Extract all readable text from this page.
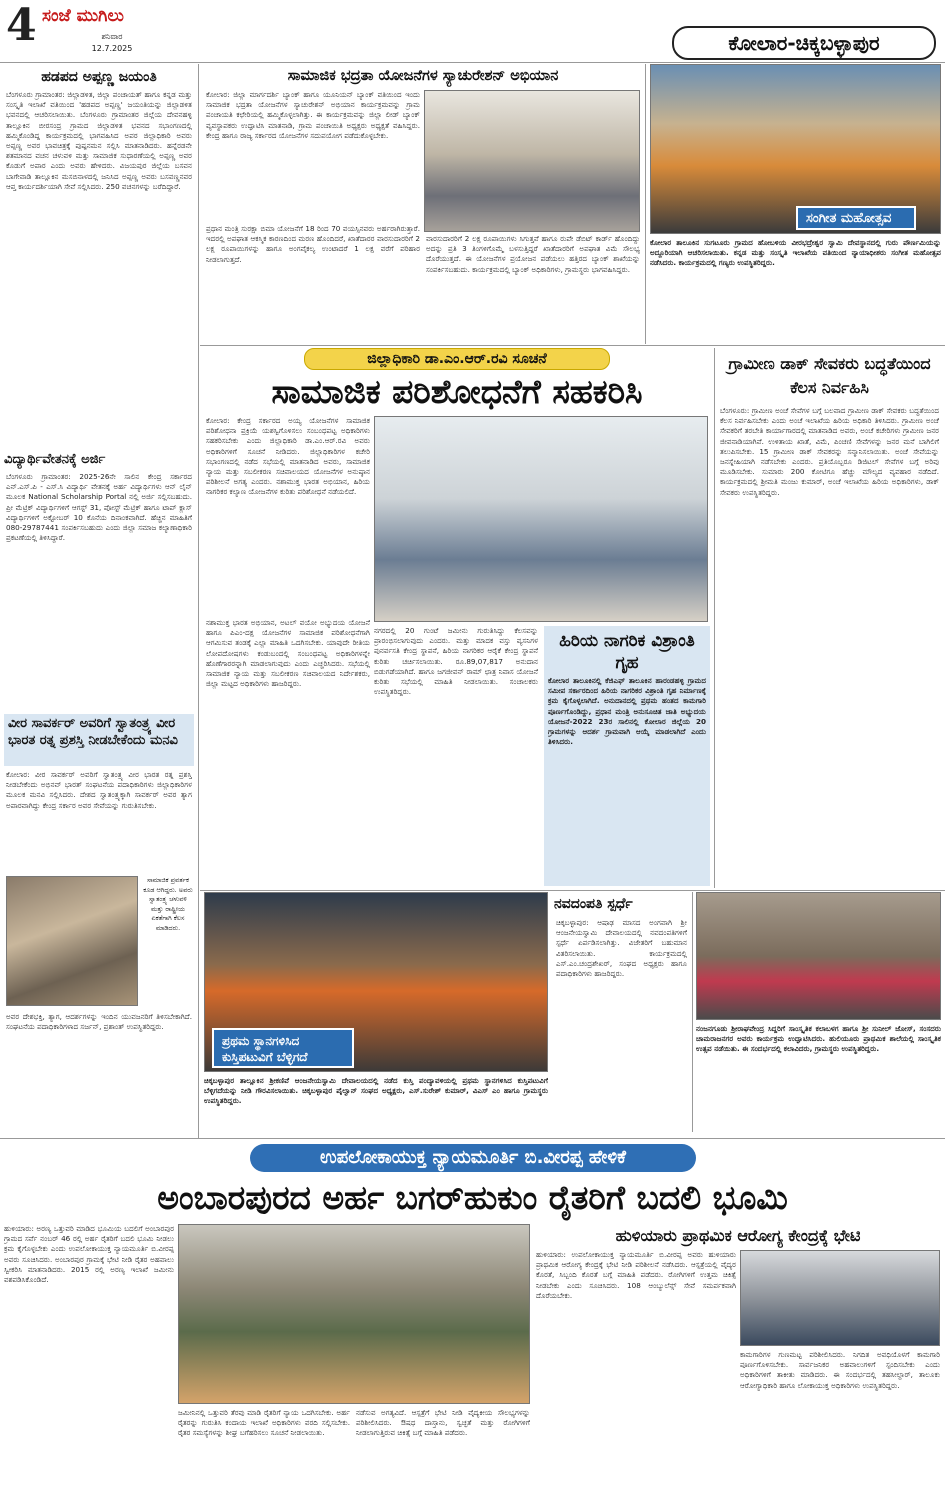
4 ಸಂಜೆ ಮುಗಿಲು
ಶನಿವಾರ
12.7.2025	ಕೋಲಾರ-ಚಿಕ್ಕಬಳ್ಳಾಪುರ
ಹಡಪದ ಅಪ್ಪಣ್ಣ ಜಯಂತಿ
ಬೆಂಗಳೂರು ಗ್ರಾಮಾಂತರ: ಜಿಲ್ಲಾಡಳಿತ, ಜಿಲ್ಲಾ ಪಂಚಾಯತ್ ಹಾಗೂ ಕನ್ನಡ ಮತ್ತು ಸಂಸ್ಕೃತಿ ಇಲಾಖೆ ವತಿಯಿಂದ 'ಹಡಪದ ಅಪ್ಪಣ್ಣ' ಜಯಂತಿಯನ್ನು ಜಿಲ್ಲಾಡಳಿತ ಭವನದಲ್ಲಿ ಆಚರಿಸಲಾಯಿತು. ಬೆಂಗಳೂರು ಗ್ರಾಮಾಂತರ ಜಿಲ್ಲೆಯ ದೇವನಹಳ್ಳಿ ತಾಲ್ಲೂಕಿನ ಬೀರಸಂದ್ರ ಗ್ರಾಮದ ಜಿಲ್ಲಾಡಳಿತ ಭವನದ ಸಭಾಂಗಣದಲ್ಲಿ ಹಮ್ಮಿಕೊಂಡಿದ್ದ ಕಾರ್ಯಕ್ರಮದಲ್ಲಿ ಭಾಗವಹಿಸಿದ ಅಪರ ಜಿಲ್ಲಾಧಿಕಾರಿ ಅವರು ಅಪ್ಪಣ್ಣ ಅವರ ಭಾವಚಿತ್ರಕ್ಕೆ ಪುಷ್ಪನಮನ ಸಲ್ಲಿಸಿ ಮಾತನಾಡಿದರು. ಹನ್ನೆರಡನೇ ಶತಮಾನದ ವಚನ ಚಳುವಳಿ ಮತ್ತು ಸಾಮಾಜಿಕ ಸುಧಾರಣೆಯಲ್ಲಿ ಅಪ್ಪಣ್ಣ ಅವರ ಕೊಡುಗೆ ಅಪಾರ ಎಂದು ಅವರು ಹೇಳಿದರು. ವಿಜಯಪುರ ಜಿಲ್ಲೆಯ ಬಸವನ ಬಾಗೇವಾಡಿ ತಾಲ್ಲೂಕಿನ ಮಸಬಿನಾಳದಲ್ಲಿ ಜನಿಸಿದ ಅಪ್ಪಣ್ಣ ಅವರು ಬಸವಣ್ಣನವರ ಆಪ್ತ ಕಾರ್ಯದರ್ಶಿಯಾಗಿ ಸೇವೆ ಸಲ್ಲಿಸಿದರು. 250 ವಚನಗಳನ್ನು ಬರೆದಿದ್ದಾರೆ.
ವಿದ್ಯಾರ್ಥಿವೇತನಕ್ಕೆ ಅರ್ಜಿ
ಬೆಂಗಳೂರು ಗ್ರಾಮಾಂತರ: 2025-26ನೇ ಸಾಲಿನ ಕೇಂದ್ರ ಸರ್ಕಾರದ ಎನ್.ಎಸ್.ಪಿ - ಎಸ್.ಸಿ ವಿದ್ಯಾರ್ಥಿ ವೇತನಕ್ಕೆ ಅರ್ಹ ವಿದ್ಯಾರ್ಥಿಗಳು ಆನ್ ಲೈನ್ ಮೂಲಕ National Scholarship Portal ನಲ್ಲಿ ಅರ್ಜಿ ಸಲ್ಲಿಸಬಹುದು. ಪ್ರೀ ಮೆಟ್ರಿಕ್ ವಿದ್ಯಾರ್ಥಿಗಳಿಗೆ ಆಗಸ್ಟ್ 31, ಪೋಸ್ಟ್ ಮೆಟ್ರಿಕ್ ಹಾಗೂ ಟಾಪ್ ಕ್ಲಾಸ್ ವಿದ್ಯಾರ್ಥಿಗಳಿಗೆ ಅಕ್ಟೋಬರ್ 10 ಕೊನೆಯ ದಿನಾಂಕವಾಗಿದೆ. ಹೆಚ್ಚಿನ ಮಾಹಿತಿಗೆ 080-29787441 ಸಂಪರ್ಕಿಸಬಹುದು ಎಂದು ಜಿಲ್ಲಾ ಸಮಾಜ ಕಲ್ಯಾಣಾಧಿಕಾರಿ ಪ್ರಕಟಣೆಯಲ್ಲಿ ತಿಳಿಸಿದ್ದಾರೆ.
ವೀರ ಸಾವರ್ಕರ್ ಅವರಿಗೆ ಸ್ವಾತಂತ್ರ್ಯ ವೀರ ಭಾರತ ರತ್ನ ಪ್ರಶಸ್ತಿ ನೀಡಬೇಕೆಂದು ಮನವಿ
ಕೋಲಾರ: ವೀರ ಸಾವರ್ಕರ್ ಅವರಿಗೆ ಸ್ವಾತಂತ್ರ್ಯ ವೀರ ಭಾರತ ರತ್ನ ಪ್ರಶಸ್ತಿ ನೀಡಬೇಕೆಂದು ಅಭಿನವ್ ಭಾರತ್ ಸಂಘಟನೆಯ ಪದಾಧಿಕಾರಿಗಳು ಜಿಲ್ಲಾಧಿಕಾರಿಗಳ ಮೂಲಕ ಮನವಿ ಸಲ್ಲಿಸಿದರು. ದೇಶದ ಸ್ವಾತಂತ್ರ್ಯಕ್ಕಾಗಿ ಸಾವರ್ಕರ್ ಅವರ ತ್ಯಾಗ ಅಪಾರವಾಗಿದ್ದು ಕೇಂದ್ರ ಸರ್ಕಾರ ಅವರ ಸೇವೆಯನ್ನು ಗುರುತಿಸಬೇಕು.
ಸಾಮಾಜಿಕ ಪ್ರವರ್ತಕ ಕೂಡ ಆಗಿದ್ದರು. ಅವರು ಸ್ವಾತಂತ್ರ್ಯ ಚಳುವಳಿ ಮತ್ತು ರಾಷ್ಟ್ರೀಯ ಏಕತೆಗಾಗಿ ಕೆಲಸ ಮಾಡಿದರು.
ಅವರ ದೇಶಭಕ್ತಿ, ತ್ಯಾಗ, ಆದರ್ಶಗಳನ್ನು ಇಂದಿನ ಯುವಜನರಿಗೆ ತಿಳಿಸಬೇಕಾಗಿದೆ. ಸಂಘಟನೆಯ ಪದಾಧಿಕಾರಿಗಳಾದ ಸರ್ಜನ್, ಪ್ರಶಾಂತ್ ಉಪಸ್ಥಿತರಿದ್ದರು.
ಸಾಮಾಜಿಕ ಭದ್ರತಾ ಯೋಜನೆಗಳ ಸ್ಯಾಚುರೇಶನ್ ಅಭಿಯಾನ
ಕೋಲಾರ: ಜಿಲ್ಲಾ ಮಾರ್ಗದರ್ಶಿ ಬ್ಯಾಂಕ್ ಹಾಗೂ ಯೂನಿಯನ್ ಬ್ಯಾಂಕ್ ವತಿಯಿಂದ ಇಂದು ಸಾಮಾಜಿಕ ಭದ್ರತಾ ಯೋಜನೆಗಳ ಸ್ಯಾಚುರೇಶನ್ ಅಭಿಯಾನ ಕಾರ್ಯಕ್ರಮವನ್ನು ಗ್ರಾಮ ಪಂಚಾಯತಿ ಕಛೇರಿಯಲ್ಲಿ ಹಮ್ಮಿಕೊಳ್ಳಲಾಗಿತ್ತು. ಈ ಕಾರ್ಯಕ್ರಮವನ್ನು ಜಿಲ್ಲಾ ಲೀಡ್ ಬ್ಯಾಂಕ್ ವ್ಯವಸ್ಥಾಪಕರು ಉದ್ಘಾಟಿಸಿ ಮಾತನಾಡಿ, ಗ್ರಾಮ ಪಂಚಾಯಿತಿ ಅಧ್ಯಕ್ಷರು ಅಧ್ಯಕ್ಷತೆ ವಹಿಸಿದ್ದರು. ಕೇಂದ್ರ ಹಾಗೂ ರಾಜ್ಯ ಸರ್ಕಾರದ ಯೋಜನೆಗಳ ಸದುಪಯೋಗ ಪಡೆದುಕೊಳ್ಳಬೇಕು.
ಪ್ರಧಾನ ಮಂತ್ರಿ ಸುರಕ್ಷಾ ಬಿಮಾ ಯೋಜನೆಗೆ 18 ರಿಂದ 70 ವಯಸ್ಸಿನವರು ಅರ್ಹರಾಗಿರುತ್ತಾರೆ. ಇದರಲ್ಲಿ ಅಪಘಾತ ಆಕಸ್ಮಿಕ ಕಾರಣದಿಂದ ಮರಣ ಹೊಂದಿದರೆ, ಖಾತೆದಾರರ ವಾರಸುದಾರರಿಗೆ 2 ಲಕ್ಷ ರೂಪಾಯಿಗಳನ್ನು ಹಾಗೂ ಅಂಗವೈಕಲ್ಯ ಉಂಟಾದರೆ 1 ಲಕ್ಷ ವರೆಗೆ ಪರಿಹಾರ ನೀಡಲಾಗುತ್ತದೆ.
ವಾರಸುದಾರರಿಗೆ 2 ಲಕ್ಷ ರೂಪಾಯಿಗಳು ಸಿಗುತ್ತವೆ ಹಾಗೂ ರುಪೇ ಡೆಬಿಟ್ ಕಾರ್ಡ್ ಹೊಂದಿದ್ದು ಅದನ್ನು ಪ್ರತಿ 3 ತಿಂಗಳಿಗೊಮ್ಮೆ ಬಳಸುತ್ತಿದ್ದರೆ ಖಾತೆದಾರರಿಗೆ ಅಪಘಾತ ವಿಮೆ ಸೌಲಭ್ಯ ದೊರೆಯುತ್ತದೆ. ಈ ಯೋಜನೆಗಳ ಪ್ರಯೋಜನ ಪಡೆಯಲು ಹತ್ತಿರದ ಬ್ಯಾಂಕ್ ಶಾಖೆಯನ್ನು ಸಂಪರ್ಕಿಸಬಹುದು. ಕಾರ್ಯಕ್ರಮದಲ್ಲಿ ಬ್ಯಾಂಕ್ ಅಧಿಕಾರಿಗಳು, ಗ್ರಾಮಸ್ಥರು ಭಾಗವಹಿಸಿದ್ದರು.
ಸಂಗೀತ ಮಹೋತ್ಸವ
ಕೋಲಾರ ತಾಲೂಕಿನ ಸುಗಟೂರು ಗ್ರಾಮದ ಹೋಬಳಿಯ ವೀರಭದ್ರೇಶ್ವರ ಸ್ವಾಮಿ ದೇವಸ್ಥಾನದಲ್ಲಿ ಗುರು ಪೌರ್ಣಮಿಯನ್ನು ಅದ್ದೂರಿಯಾಗಿ ಆಚರಿಸಲಾಯಿತು. ಕನ್ನಡ ಮತ್ತು ಸಂಸ್ಕೃತಿ ಇಲಾಖೆಯ ವತಿಯಿಂದ ನ್ಯಾಯಾಧೀಶರು ಸಂಗೀತ ಮಹೋತ್ಸವ ನಡೆಸಿದರು. ಕಾರ್ಯಕ್ರಮದಲ್ಲಿ ಗಣ್ಯರು ಉಪಸ್ಥಿತರಿದ್ದರು.
ಜಿಲ್ಲಾಧಿಕಾರಿ ಡಾ.ಎಂ.ಆರ್.ರವಿ ಸೂಚನೆ
ಸಾಮಾಜಿಕ ಪರಿಶೋಧನೆಗೆ ಸಹಕರಿಸಿ
ಕೋಲಾರ: ಕೇಂದ್ರ ಸರ್ಕಾರದ ಅಯ್ಯ ಯೋಜನೆಗಳ ಸಾಮಾಜಿಕ ಪರಿಶೋಧನಾ ಪ್ರಕ್ರಿಯೆ ಯಶಸ್ವಿಗೊಳಿಸಲು ಸಂಬಂಧಪಟ್ಟ ಅಧಿಕಾರಿಗಳು ಸಹಕರಿಸಬೇಕು ಎಂದು ಜಿಲ್ಲಾಧಿಕಾರಿ ಡಾ.ಎಂ.ಆರ್.ರವಿ ಅವರು ಅಧಿಕಾರಿಗಳಿಗೆ ಸೂಚನೆ ನೀಡಿದರು. ಜಿಲ್ಲಾಧಿಕಾರಿಗಳ ಕಚೇರಿ ಸಭಾಂಗಣದಲ್ಲಿ ನಡೆದ ಸಭೆಯಲ್ಲಿ ಮಾತನಾಡಿದ ಅವರು, ಸಾಮಾಜಿಕ ನ್ಯಾಯ ಮತ್ತು ಸಬಲೀಕರಣ ಸಚಿವಾಲಯದ ಯೋಜನೆಗಳ ಅನುಷ್ಠಾನ ಪರಿಶೀಲನೆ ಅಗತ್ಯ ಎಂದರು. ನಶಾಮುಕ್ತ ಭಾರತ ಅಭಿಯಾನ, ಹಿರಿಯ ನಾಗರಿಕರ ಕಲ್ಯಾಣ ಯೋಜನೆಗಳ ಕುರಿತು ಪರಿಶೋಧನೆ ನಡೆಯಲಿದೆ.
ನಶಾಮುಕ್ತ ಭಾರತ ಅಭಿಯಾನ, ಅಟಲ್ ವಯೋ ಅಭ್ಯುದಯ ಯೋಜನೆ ಹಾಗೂ ಪಿಎಂ-ದಕ್ಷ ಯೋಜನೆಗಳ ಸಾಮಾಜಿಕ ಪರಿಶೋಧನೆಗಾಗಿ ಆಗಮಿಸುವ ತಂಡಕ್ಕೆ ಎಲ್ಲಾ ಮಾಹಿತಿ ಒದಗಿಸಬೇಕು. ಯಾವುದೇ ರೀತಿಯ ಲೋಪದೋಷಗಳು ಕಂಡುಬಂದಲ್ಲಿ ಸಂಬಂಧಪಟ್ಟ ಅಧಿಕಾರಿಗಳನ್ನೇ ಹೊಣೆಗಾರರನ್ನಾಗಿ ಮಾಡಲಾಗುವುದು ಎಂದು ಎಚ್ಚರಿಸಿದರು. ಸಭೆಯಲ್ಲಿ ಸಾಮಾಜಿಕ ನ್ಯಾಯ ಮತ್ತು ಸಬಲೀಕರಣ ಸಚಿವಾಲಯದ ನಿರ್ದೇಶಕರು, ಜಿಲ್ಲಾ ಮಟ್ಟದ ಅಧಿಕಾರಿಗಳು ಹಾಜರಿದ್ದರು.
ನಗರದಲ್ಲಿ 20 ಗುಂಟೆ ಜಮೀನು ಗುರುತಿಸಿದ್ದು ಕೆಲಸವನ್ನು ಪ್ರಾರಂಭಿಸಲಾಗುವುದು ಎಂದರು. ಮತ್ತು ಮಾದಕ ವಸ್ತು ವ್ಯಸನಿಗಳ ಪುನರ್ವಸತಿ ಕೇಂದ್ರ ಸ್ಥಾಪನೆ, ಹಿರಿಯ ನಾಗರಿಕರ ಆರೈಕೆ ಕೇಂದ್ರ ಸ್ಥಾಪನೆ ಕುರಿತು ಚರ್ಚಿಸಲಾಯಿತು. ರೂ.89,07,817 ಅನುದಾನ ಬಿಡುಗಡೆಯಾಗಿದೆ. ಹಾಗೂ ಜಗಜೀವನ್ ರಾಮ್ ಛಾತ್ರ ನಿವಾಸ ಯೋಜನೆ ಕುರಿತು ಸಭೆಯಲ್ಲಿ ಮಾಹಿತಿ ನೀಡಲಾಯಿತು. ಸಂಚಾಲಕರು ಉಪಸ್ಥಿತರಿದ್ದರು.
ಹಿರಿಯ ನಾಗರಿಕ ವಿಶ್ರಾಂತಿ ಗೃಹ
ಕೋಲಾರ ತಾಲೂಕಿನಲ್ಲಿ ಕೆಜಿಎಫ್ ತಾಲೂಕಿನ ಹಾರಂಡಹಳ್ಳಿ ಗ್ರಾಮದ ಸಮೀಪ ಸರ್ಕಾರದಿಂದ ಹಿರಿಯ ನಾಗರಿಕರ ವಿಶ್ರಾಂತಿ ಗೃಹ ನಿರ್ಮಾಣಕ್ಕೆ ಕ್ರಮ ಕೈಗೊಳ್ಳಲಾಗಿದೆ. ಅನುದಾನದಲ್ಲಿ ಪ್ರಥಮ ಹಂತದ ಕಾಮಗಾರಿ ಪೂರ್ಣಗೊಂಡಿದ್ದು, ಪ್ರಧಾನ ಮಂತ್ರಿ ಅನುಸೂಚಿತ ಜಾತಿ ಅಭ್ಯುದಯ ಯೋಜನೆ-2022 23ರ ಸಾಲಿನಲ್ಲಿ ಕೋಲಾರ ಜಿಲ್ಲೆಯ 20 ಗ್ರಾಮಗಳನ್ನು ಆದರ್ಶ ಗ್ರಾಮವಾಗಿ ಆಯ್ಕೆ ಮಾಡಲಾಗಿದೆ ಎಂದು ತಿಳಿಸಿದರು.
ಗ್ರಾಮೀಣ ಡಾಕ್ ಸೇವಕರು ಬದ್ಧತೆಯಿಂದ ಕೆಲಸ ನಿರ್ವಹಿಸಿ
ಬೆಂಗಳೂರು: ಗ್ರಾಮೀಣ ಅಂಚೆ ಸೇವೆಗಳ ಬಗ್ಗೆ ಬಲವಾದ ಗ್ರಾಮೀಣ ಡಾಕ್ ಸೇವಕರು ಬದ್ಧತೆಯಿಂದ ಕೆಲಸ ನಿರ್ವಹಿಸಬೇಕು ಎಂದು ಅಂಚೆ ಇಲಾಖೆಯ ಹಿರಿಯ ಅಧಿಕಾರಿ ತಿಳಿಸಿದರು. ಗ್ರಾಮೀಣ ಅಂಚೆ ಸೇವಕರಿಗೆ ತರಬೇತಿ ಕಾರ್ಯಾಗಾರದಲ್ಲಿ ಮಾತನಾಡಿದ ಅವರು, ಅಂಚೆ ಕಚೇರಿಗಳು ಗ್ರಾಮೀಣ ಜನರ ಜೀವನಾಡಿಯಾಗಿವೆ. ಉಳಿತಾಯ ಖಾತೆ, ವಿಮೆ, ಪಿಂಚಣಿ ಸೇವೆಗಳನ್ನು ಜನರ ಮನೆ ಬಾಗಿಲಿಗೆ ತಲುಪಿಸಬೇಕು. 15 ಗ್ರಾಮೀಣ ಡಾಕ್ ಸೇವಕರನ್ನು ಸನ್ಮಾನಿಸಲಾಯಿತು. ಅಂಚೆ ಸೇವೆಯನ್ನು ಜನಸ್ನೇಹಿಯಾಗಿ ನಡೆಸಬೇಕು ಎಂದರು. ಪ್ರತಿಯೊಬ್ಬರೂ ಡಿಜಿಟಲ್ ಸೇವೆಗಳ ಬಗ್ಗೆ ಅರಿವು ಮೂಡಿಸಬೇಕು. ಸುಮಾರು 200 ಕೋಟಿಗೂ ಹೆಚ್ಚು ಮೌಲ್ಯದ ವ್ಯವಹಾರ ನಡೆದಿದೆ. ಕಾರ್ಯಕ್ರಮದಲ್ಲಿ ಶ್ರೀಮತಿ ಮಂಜು ಕುಮಾರ್, ಅಂಚೆ ಇಲಾಖೆಯ ಹಿರಿಯ ಅಧಿಕಾರಿಗಳು, ಡಾಕ್ ಸೇವಕರು ಉಪಸ್ಥಿತರಿದ್ದರು.
ಪ್ರಥಮ ಸ್ಥಾನಗಳಿಸಿದ ಕುಸ್ತಿಪಟುವಿಗೆ ಬೆಳ್ಳಿಗದೆ
ಚಿಕ್ಕಬಳ್ಳಾಪುರ ತಾಲ್ಲೂಕಿನ ಶ್ರೀಕಣಿವೆ ಆಂಜನೇಯಸ್ವಾಮಿ ದೇವಾಲಯದಲ್ಲಿ ನಡೆದ ಕುಸ್ತಿ ಪಂದ್ಯಾವಳಿಯಲ್ಲಿ ಪ್ರಥಮ ಸ್ಥಾನಗಳಿಸಿದ ಕುಸ್ತಿಪಟುವಿಗೆ ಬೆಳ್ಳಿಗದೆಯನ್ನು ನೀಡಿ ಗೌರವಿಸಲಾಯಿತು. ಚಿಕ್ಕಬಳ್ಳಾಪುರ ಪೈಲ್ವಾನ್ ಸಂಘದ ಅಧ್ಯಕ್ಷರು, ಎಸ್.ಸುರೇಶ್ ಕುಮಾರ್, ವಿಎಸ್ ಎಂ ಹಾಗೂ ಗ್ರಾಮಸ್ಥರು ಉಪಸ್ಥಿತರಿದ್ದರು.
ನವದಂಪತಿ ಸ್ಪರ್ಧೆ
ಚಿಕ್ಕಬಳ್ಳಾಪುರ: ಆಷಾಢ ಮಾಸದ ಅಂಗವಾಗಿ ಶ್ರೀ ಆಂಜನೇಯಸ್ವಾಮಿ ದೇವಾಲಯದಲ್ಲಿ ನವದಂಪತಿಗಳಿಗೆ ಸ್ಪರ್ಧೆ ಏರ್ಪಡಿಸಲಾಗಿತ್ತು. ವಿಜೇತರಿಗೆ ಬಹುಮಾನ ವಿತರಿಸಲಾಯಿತು. ಕಾರ್ಯಕ್ರಮದಲ್ಲಿ ಎಸ್.ಎಂ.ಚಂದ್ರಶೇಖರ್, ಸಂಘದ ಅಧ್ಯಕ್ಷರು ಹಾಗೂ ಪದಾಧಿಕಾರಿಗಳು ಹಾಜರಿದ್ದರು.
ನಂಜನಗೂಡು ಶ್ರೀರಾಘವೇಂದ್ರ ಸಿದ್ದರಿಗೆ ಸಾಂಸ್ಕೃತಿಕ ಕಲಾಬಳಗ ಹಾಗೂ ಶ್ರೀ ಸುನೀಲ್ ಜೋಸ್, ಸಂಸದರು ಚಾಮರಾಜನಗರ ಅವರು ಕಾರ್ಯಕ್ರಮ ಉದ್ಘಾಟಿಸಿದರು. ಹುಲಿಯೂರು ಪ್ರಾಥಮಿಕ ಶಾಲೆಯಲ್ಲಿ ಸಾಂಸ್ಕೃತಿಕ ಉತ್ಸವ ನಡೆಯಿತು. ಈ ಸಂದರ್ಭದಲ್ಲಿ ಕಲಾವಿದರು, ಗ್ರಾಮಸ್ಥರು ಉಪಸ್ಥಿತರಿದ್ದರು.
ಉಪಲೋಕಾಯುಕ್ತ ನ್ಯಾಯಮೂರ್ತಿ ಬಿ.ವೀರಪ್ಪ ಹೇಳಿಕೆ
ಅಂಬಾರಪುರದ ಅರ್ಹ ಬಗರ್‌ಹುಕುಂ ರೈತರಿಗೆ ಬದಲಿ ಭೂಮಿ
ಹುಳಿಯಾರು: ಅರಣ್ಯ ಒತ್ತುವರಿ ಮಾಡಿದ ಭೂಮಿಯ ಬದಲಿಗೆ ಅಂಬಾರಪುರ ಗ್ರಾಮದ ಸರ್ವೆ ನಂಬರ್ 46 ರಲ್ಲಿ ಅರ್ಹ ರೈತರಿಗೆ ಬದಲಿ ಭೂಮಿ ನೀಡಲು ಕ್ರಮ ಕೈಗೊಳ್ಳಬೇಕು ಎಂದು ಉಪಲೋಕಾಯುಕ್ತ ನ್ಯಾಯಮೂರ್ತಿ ಬಿ.ವೀರಪ್ಪ ಅವರು ಸೂಚಿಸಿದರು. ಅಂಬಾರಪುರ ಗ್ರಾಮಕ್ಕೆ ಭೇಟಿ ನೀಡಿ ರೈತರ ಅಹವಾಲು ಸ್ವೀಕರಿಸಿ ಮಾತನಾಡಿದರು. 2015 ರಲ್ಲಿ ಅರಣ್ಯ ಇಲಾಖೆ ಜಮೀನು ವಶಪಡಿಸಿಕೊಂಡಿದೆ.
ಜಮೀನಿನಲ್ಲಿ ಒತ್ತುವರಿ ತೆರವು ಮಾಡಿ ರೈತರಿಗೆ ನ್ಯಾಯ ಒದಗಿಸಬೇಕು. ಅರ್ಹ ರೈತರನ್ನು ಗುರುತಿಸಿ ಕಂದಾಯ ಇಲಾಖೆ ಅಧಿಕಾರಿಗಳು ವರದಿ ಸಲ್ಲಿಸಬೇಕು. ರೈತರ ಸಮಸ್ಯೆಗಳನ್ನು ಶೀಘ್ರ ಬಗೆಹರಿಸಲು ಸೂಚನೆ ನೀಡಲಾಯಿತು.
ನಡೆಸುವ ಅಗತ್ಯವಿದೆ. ಆಸ್ಪತ್ರೆಗೆ ಭೇಟಿ ನೀಡಿ ವೈದ್ಯಕೀಯ ಸೌಲಭ್ಯಗಳನ್ನು ಪರಿಶೀಲಿಸಿದರು. ಔಷಧ ದಾಸ್ತಾನು, ಸ್ವಚ್ಛತೆ ಮತ್ತು ರೋಗಿಗಳಿಗೆ ನೀಡಲಾಗುತ್ತಿರುವ ಚಿಕಿತ್ಸೆ ಬಗ್ಗೆ ಮಾಹಿತಿ ಪಡೆದರು.
ಹುಳಿಯಾರು ಪ್ರಾಥಮಿಕ ಆರೋಗ್ಯ ಕೇಂದ್ರಕ್ಕೆ ಭೇಟಿ
ಹುಳಿಯಾರು: ಉಪಲೋಕಾಯುಕ್ತ ನ್ಯಾಯಮೂರ್ತಿ ಬಿ.ವೀರಪ್ಪ ಅವರು ಹುಳಿಯಾರು ಪ್ರಾಥಮಿಕ ಆರೋಗ್ಯ ಕೇಂದ್ರಕ್ಕೆ ಭೇಟಿ ನೀಡಿ ಪರಿಶೀಲನೆ ನಡೆಸಿದರು. ಆಸ್ಪತ್ರೆಯಲ್ಲಿ ವೈದ್ಯರ ಕೊರತೆ, ಸಿಬ್ಬಂದಿ ಕೊರತೆ ಬಗ್ಗೆ ಮಾಹಿತಿ ಪಡೆದರು. ರೋಗಿಗಳಿಗೆ ಉತ್ತಮ ಚಿಕಿತ್ಸೆ ನೀಡಬೇಕು ಎಂದು ಸೂಚಿಸಿದರು. 108 ಆಂಬ್ಯುಲೆನ್ಸ್ ಸೇವೆ ಸಮರ್ಪಕವಾಗಿ ದೊರೆಯಬೇಕು.
ಕಾಮಗಾರಿಗಳ ಗುಣಮಟ್ಟ ಪರಿಶೀಲಿಸಿದರು. ನಿಗದಿತ ಅವಧಿಯೊಳಗೆ ಕಾಮಗಾರಿ ಪೂರ್ಣಗೊಳಿಸಬೇಕು. ಸಾರ್ವಜನಿಕರ ಅಹವಾಲುಗಳಿಗೆ ಸ್ಪಂದಿಸಬೇಕು ಎಂದು ಅಧಿಕಾರಿಗಳಿಗೆ ತಾಕೀತು ಮಾಡಿದರು. ಈ ಸಂದರ್ಭದಲ್ಲಿ ತಹಸೀಲ್ದಾರ್, ತಾಲೂಕು ಆರೋಗ್ಯಾಧಿಕಾರಿ ಹಾಗೂ ಲೋಕಾಯುಕ್ತ ಅಧಿಕಾರಿಗಳು ಉಪಸ್ಥಿತರಿದ್ದರು.
